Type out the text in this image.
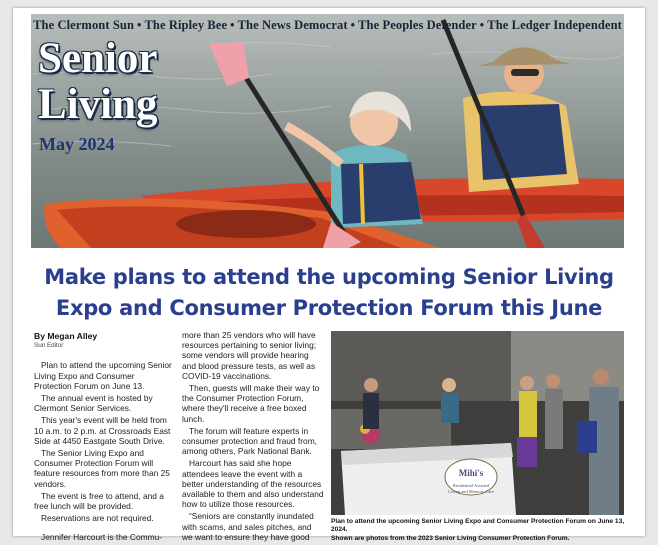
The Clermont Sun • The Ripley Bee • The News Democrat • The Peoples Defender • The Ledger Independent
Senior
Living
May 2024
Make plans to attend the upcoming Senior Living
Expo and Consumer Protection Forum this June
By Megan Alley
Sun Editor

Plan to attend the upcoming Senior Living Expo and Consumer Protection Forum on June 13.

The annual event is hosted by Clermont Senior Services.

This year's event will be held from 10 a.m. to 2 p.m. at Crossroads East Side at 4450 Eastgate South Drive.

The Senior Living Expo and Consumer Protection Forum will feature resources from more than 25 vendors.

The event is free to attend, and a free lunch will be provided.

Reservations are not required.

Jennifer Harcourt is the Commu-

more than 25 vendors who will have resources pertaining to senior living; some vendors will provide hearing and blood pressure tests, as well as COVID-19 vaccinations.

Then, guests will make their way to the Consumer Protection Forum, where they'll receive a free boxed lunch.

The forum will feature experts in consumer protection and fraud from, among others, Park National Bank.

Harcourt has said she hope attendees leave the event with a better understanding of the resources available to them and also understand how to utilize those resources.

“Seniors are constantly inundated with scams, and sales pitches, and we want to ensure they have good

Mihi's
Residential Assisted
Living and Memory Care
Plan to attend the upcoming Senior Living Expo and Consumer Protection Forum on June 13, 2024.
Shown are photos from the 2023 Senior Living Consumer Protection Forum.
